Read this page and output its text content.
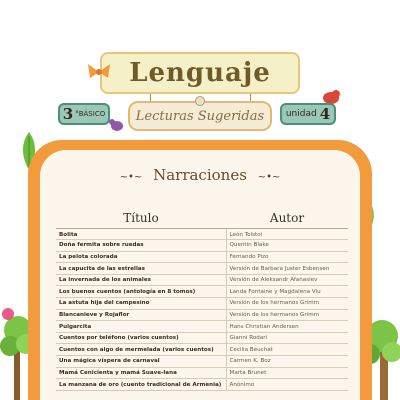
Lenguaje
Lecturas Sugeridas
3 °BÁSICO	unidad 4
~•~ Narraciones ~•~
Título	Autor
Bolita	León Tolstoi
Doña fermita sobre ruedas	Quentin Blake
La pelota colorada	Fernando Pizo
La capucita de las estrellas	Versión de Barbara Juster Esbensen
La invernada de los animales	Versión de Aleksandr Afanasiev
Los buenos cuentos (antología en 8 tomos)	Landa Fontaine y Magdalena Viu
La astuta hija del campesino	Versión de los hermanos Grimm
Blancanieve y Rojaflor	Versión de los hermanos Grimm
Pulgarcita	Hans Christian Andersen
Cuentos por teléfono (varios cuentos)	Gianni Rodari
Cuentos con algo de mermelada (varios cuentos)	Cecilia Beuchat
Una mágica víspera de carnaval	Carmen K. Boz
Mamá Cenicienta y mamá Suave-lana	Marta Brunet
La manzana de oro (cuento tradicional de Armenia)	Anónimo
